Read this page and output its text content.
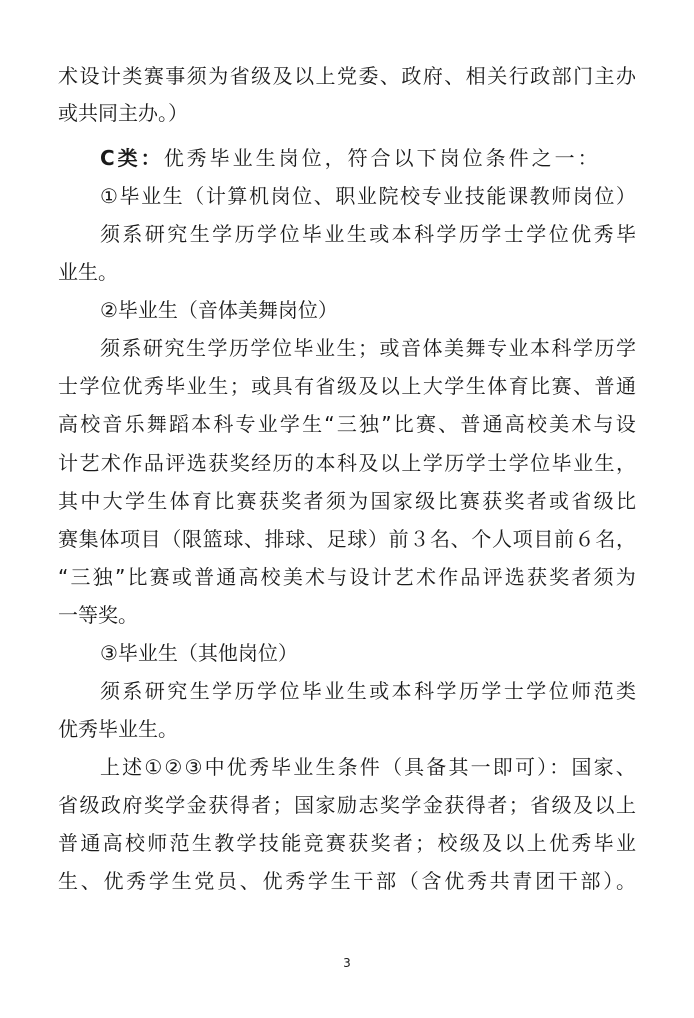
术设计类赛事须为省级及以上党委、政府、相关行政部门主办
或共同主办。）
C类：优秀毕业生岗位，符合以下岗位条件之一：
①毕业生（计算机岗位、职业院校专业技能课教师岗位）
须系研究生学历学位毕业生或本科学历学士学位优秀毕
业生。
②毕业生（音体美舞岗位）
须系研究生学历学位毕业生；或音体美舞专业本科学历学
士学位优秀毕业生；或具有省级及以上大学生体育比赛、普通
高校音乐舞蹈本科专业学生“三独”比赛、普通高校美术与设
计艺术作品评选获奖经历的本科及以上学历学士学位毕业生，
其中大学生体育比赛获奖者须为国家级比赛获奖者或省级比
赛集体项目（限篮球、排球、足球）前３名、个人项目前６名，
“三独”比赛或普通高校美术与设计艺术作品评选获奖者须为
一等奖。
③毕业生（其他岗位）
须系研究生学历学位毕业生或本科学历学士学位师范类
优秀毕业生。
上述①②③中优秀毕业生条件（具备其一即可）：国家、
省级政府奖学金获得者；国家励志奖学金获得者；省级及以上
普通高校师范生教学技能竞赛获奖者；校级及以上优秀毕业
生、优秀学生党员、优秀学生干部（含优秀共青团干部）。
3
